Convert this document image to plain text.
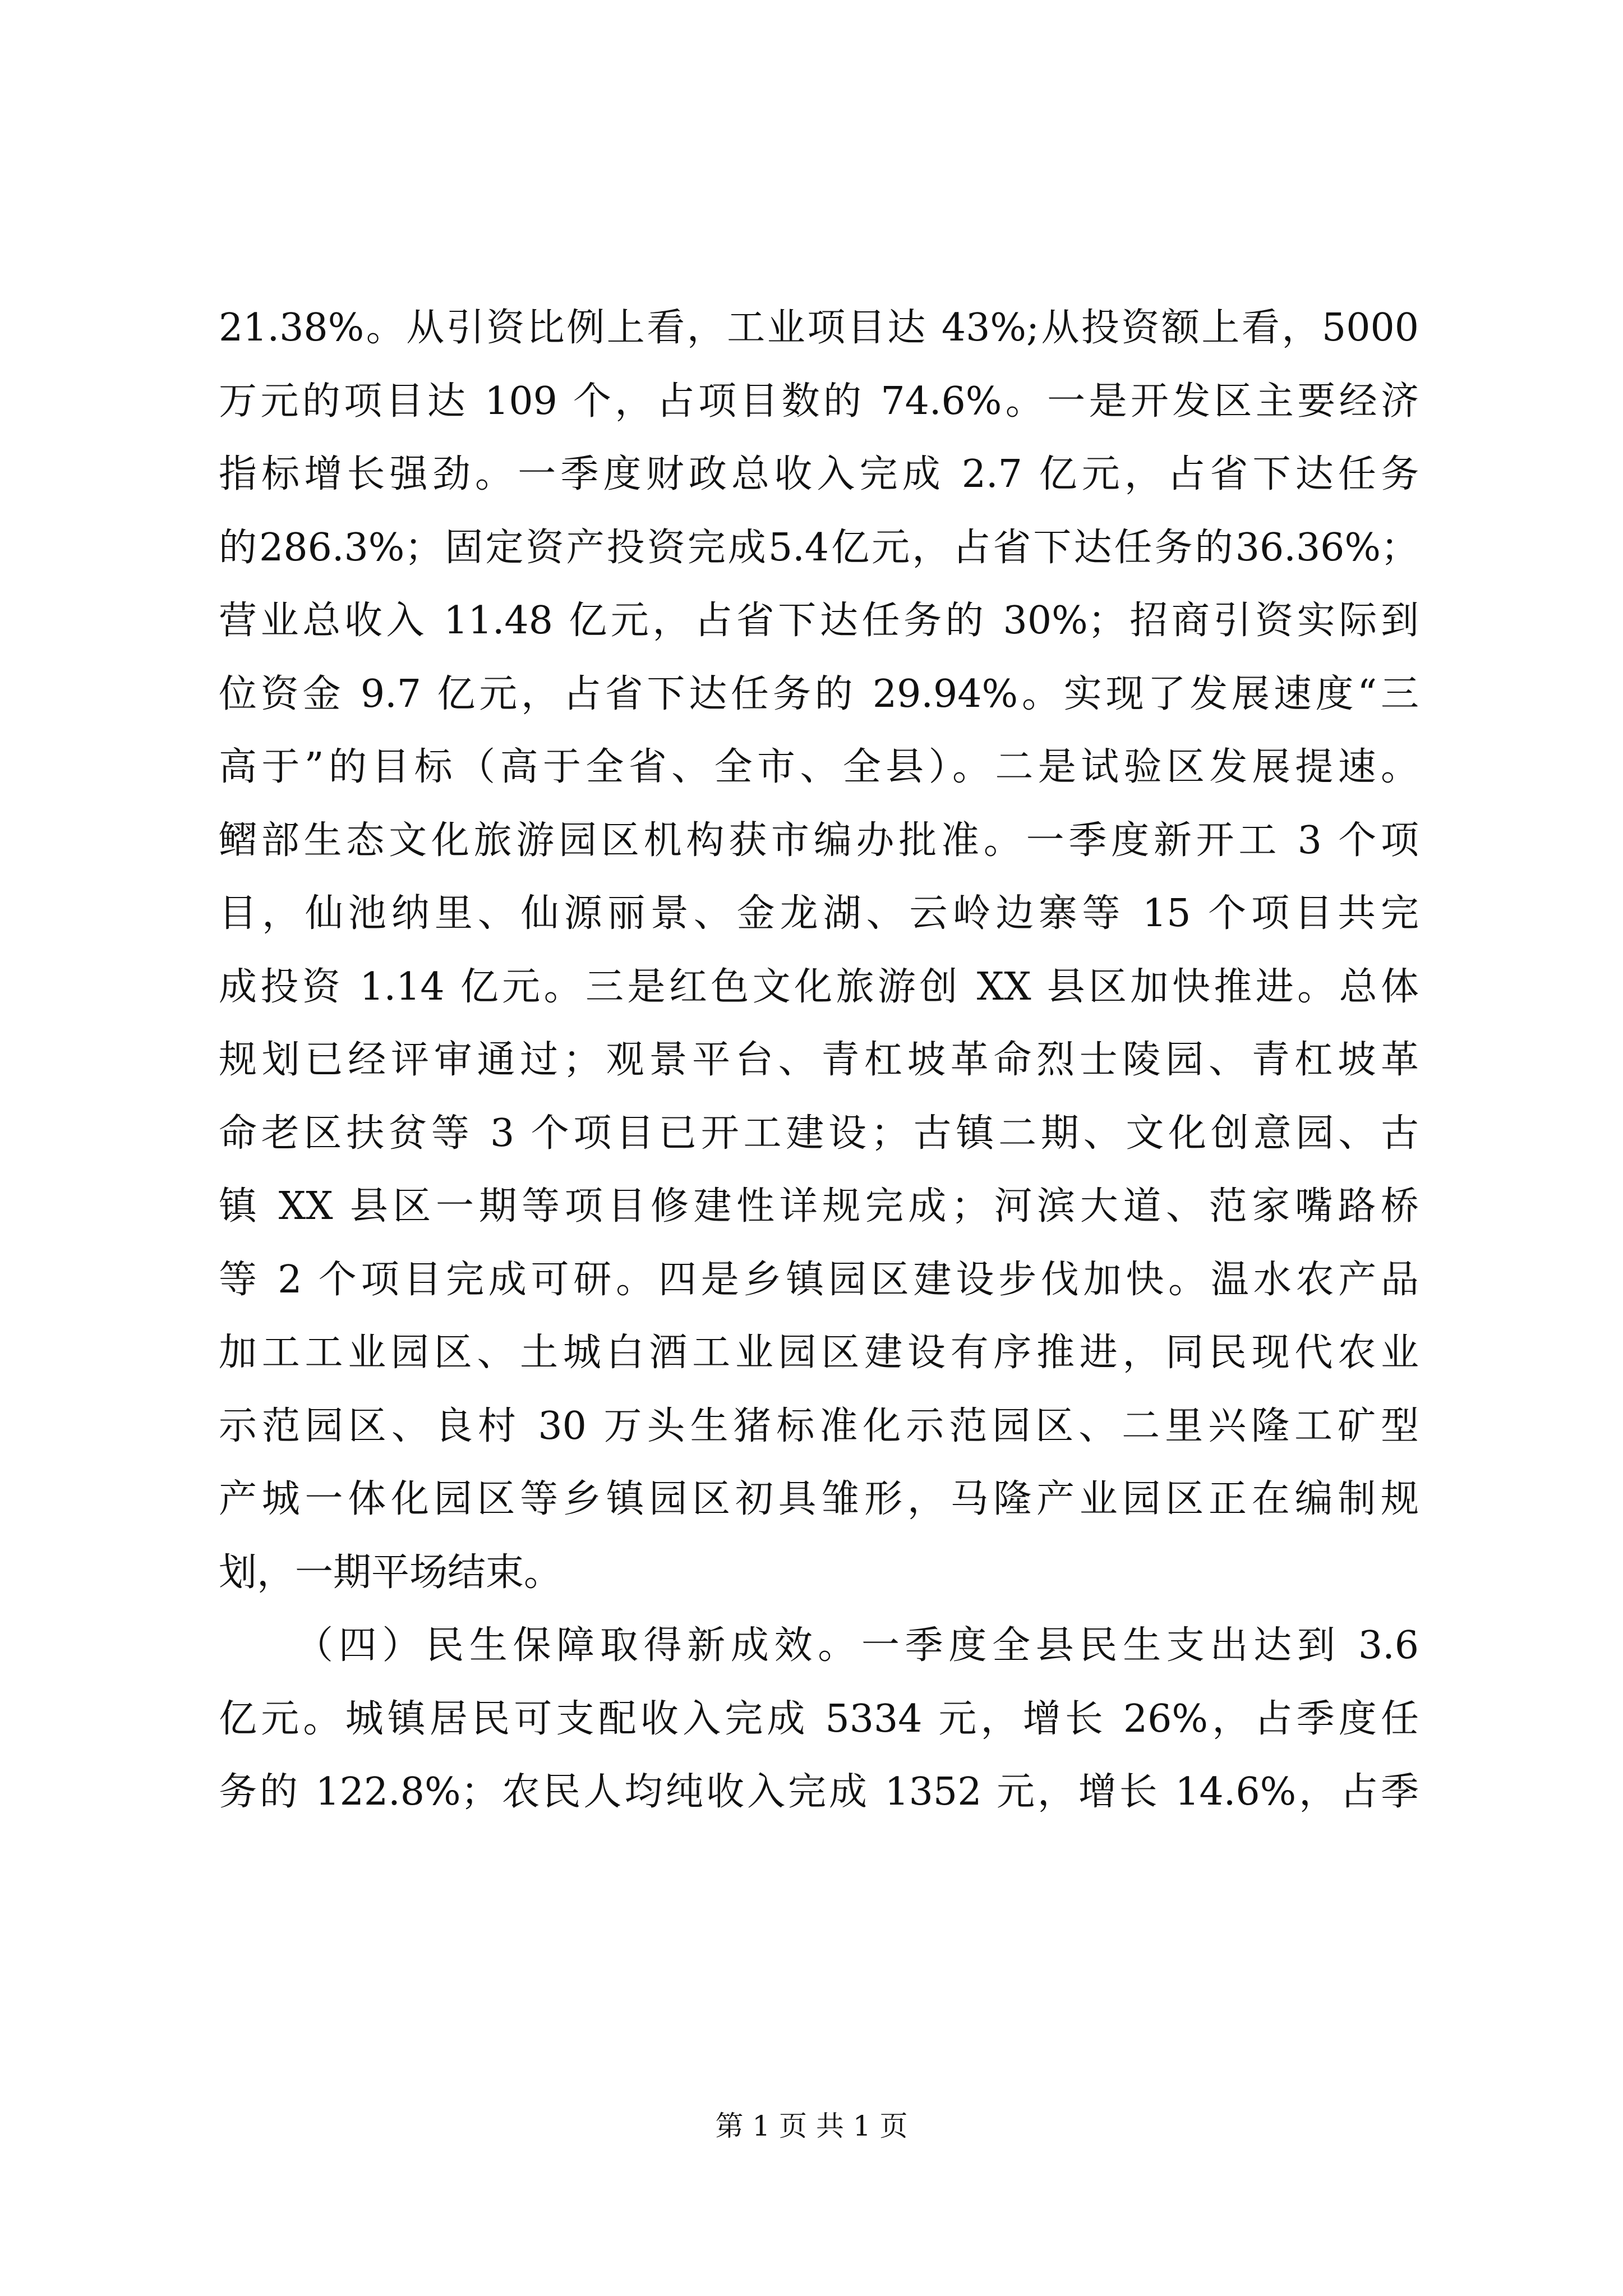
21.38%。从引资比例上看，工业项目达 43%;从投资额上看，5000
万元的项目达 109 个，占项目数的 74.6%。一是开发区主要经济
指标增长强劲。一季度财政总收入完成 2.7 亿元，占省下达任务
的286.3%；固定资产投资完成5.4亿元，占省下达任务的36.36%；
营业总收入 11.48 亿元，占省下达任务的 30%；招商引资实际到
位资金 9.7 亿元，占省下达任务的 29.94%。实现了发展速度“三
高于”的目标（高于全省、全市、全县）。二是试验区发展提速。
鳛部生态文化旅游园区机构获市编办批准。一季度新开工 3 个项
目，仙池纳里、仙源丽景、金龙湖、云岭边寨等 15 个项目共完
成投资 1.14 亿元。三是红色文化旅游创 XX 县区加快推进。总体
规划已经评审通过；观景平台、青杠坡革命烈士陵园、青杠坡革
命老区扶贫等 3 个项目已开工建设；古镇二期、文化创意园、古
镇 XX 县区一期等项目修建性详规完成；河滨大道、范家嘴路桥
等 2 个项目完成可研。四是乡镇园区建设步伐加快。温水农产品
加工工业园区、土城白酒工业园区建设有序推进，同民现代农业
示范园区、良村 30 万头生猪标准化示范园区、二里兴隆工矿型
产城一体化园区等乡镇园区初具雏形，马隆产业园区正在编制规
划，一期平场结束。
（四）民生保障取得新成效。一季度全县民生支出达到 3.6
亿元。城镇居民可支配收入完成 5334 元，增长 26%，占季度任
务的 122.8%；农民人均纯收入完成 1352 元，增长 14.6%，占季
第 1 页 共 1 页
